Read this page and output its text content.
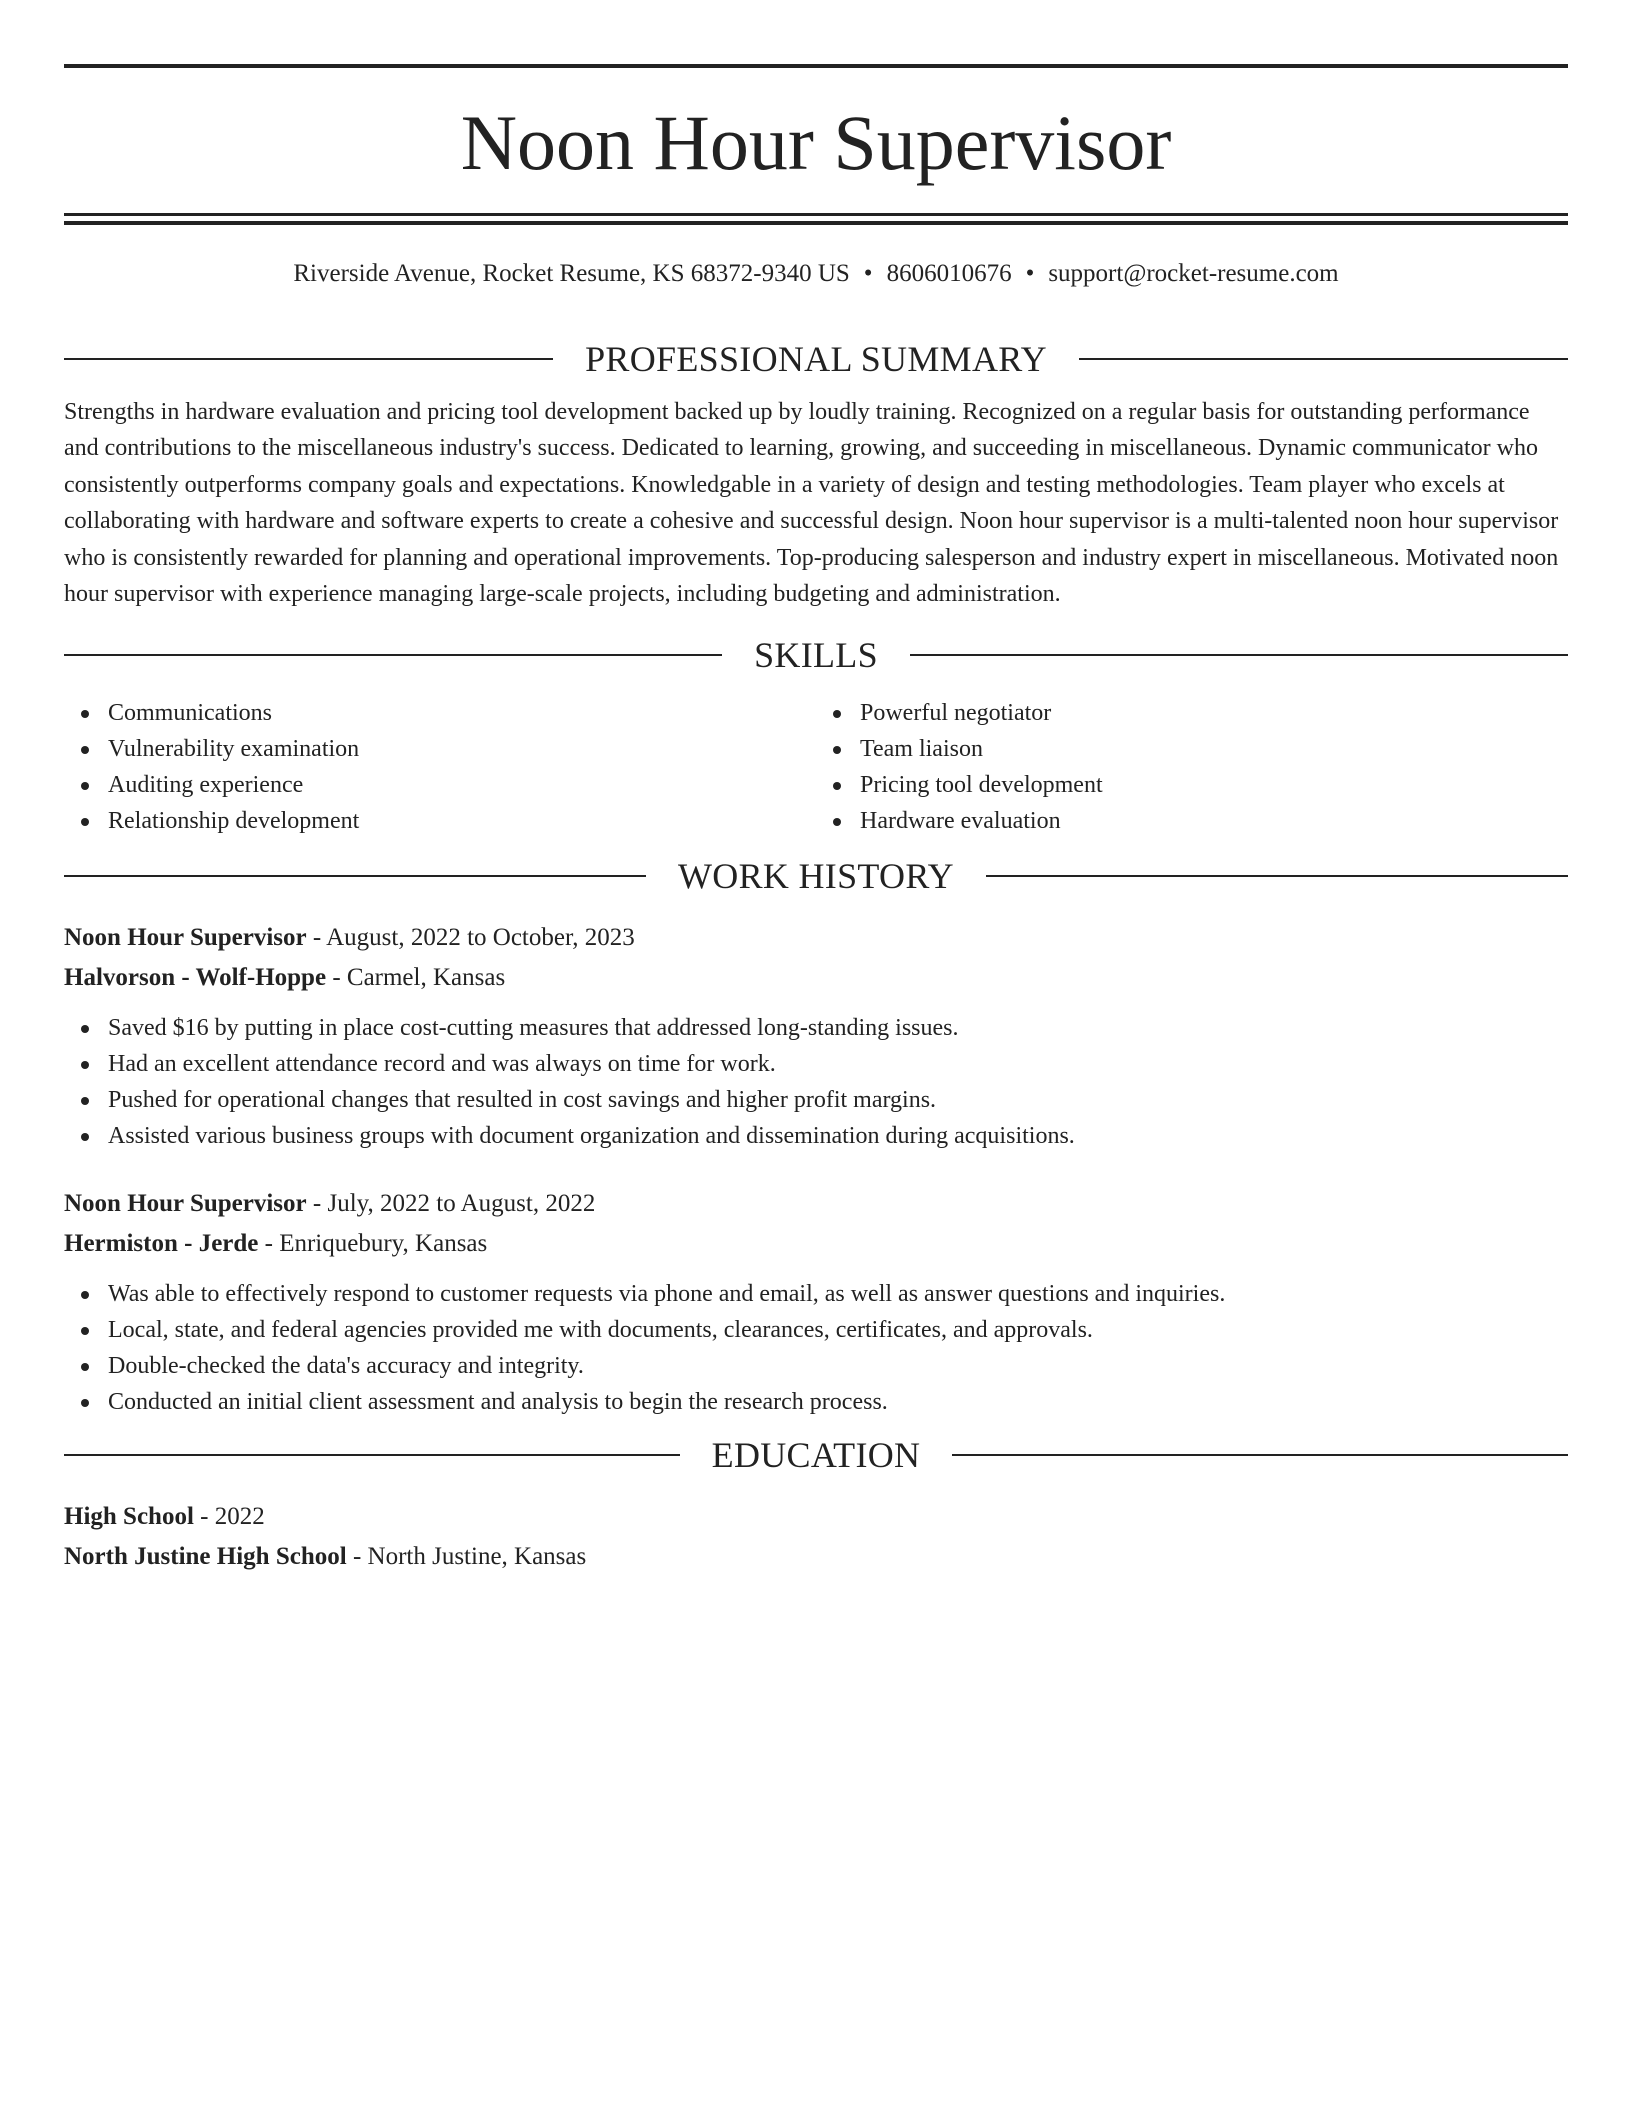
Noon Hour Supervisor
Riverside Avenue, Rocket Resume, KS 68372-9340 US • 8606010676 • support@rocket-resume.com
PROFESSIONAL SUMMARY
Strengths in hardware evaluation and pricing tool development backed up by loudly training. Recognized on a regular basis for outstanding performance and contributions to the miscellaneous industry's success. Dedicated to learning, growing, and succeeding in miscellaneous. Dynamic communicator who consistently outperforms company goals and expectations. Knowledgable in a variety of design and testing methodologies. Team player who excels at collaborating with hardware and software experts to create a cohesive and successful design. Noon hour supervisor is a multi-talented noon hour supervisor who is consistently rewarded for planning and operational improvements. Top-producing salesperson and industry expert in miscellaneous. Motivated noon hour supervisor with experience managing large-scale projects, including budgeting and administration.
SKILLS
Communications
Vulnerability examination
Auditing experience
Relationship development
Powerful negotiator
Team liaison
Pricing tool development
Hardware evaluation
WORK HISTORY
Noon Hour Supervisor - August, 2022 to October, 2023
Halvorson - Wolf-Hoppe - Carmel, Kansas
Saved $16 by putting in place cost-cutting measures that addressed long-standing issues.
Had an excellent attendance record and was always on time for work.
Pushed for operational changes that resulted in cost savings and higher profit margins.
Assisted various business groups with document organization and dissemination during acquisitions.
Noon Hour Supervisor - July, 2022 to August, 2022
Hermiston - Jerde - Enriquebury, Kansas
Was able to effectively respond to customer requests via phone and email, as well as answer questions and inquiries.
Local, state, and federal agencies provided me with documents, clearances, certificates, and approvals.
Double-checked the data's accuracy and integrity.
Conducted an initial client assessment and analysis to begin the research process.
EDUCATION
High School - 2022
North Justine High School - North Justine, Kansas
